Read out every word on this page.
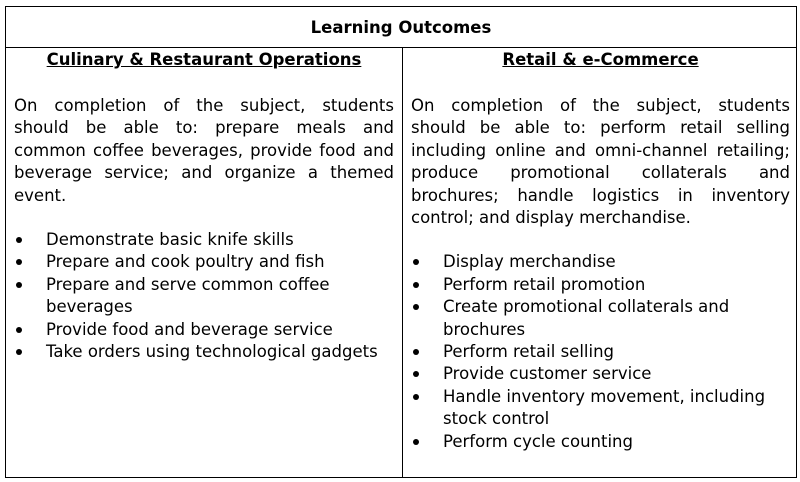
Learning Outcomes
Culinary & Restaurant Operations
On completion of the subject, students should be able to: prepare meals and common coffee beverages, provide food and beverage service; and organize a themed event.
Demonstrate basic knife skills
Prepare and cook poultry and fish
Prepare and serve common coffee beverages
Provide food and beverage service
Take orders using technological gadgets
Retail & e-Commerce
On completion of the subject, students should be able to: perform retail selling including online and omni-channel retailing; produce promotional collaterals and brochures; handle logistics in inventory control; and display merchandise.
Display merchandise
Perform retail promotion
Create promotional collaterals and brochures
Perform retail selling
Provide customer service
Handle inventory movement, including stock control
Perform cycle counting
